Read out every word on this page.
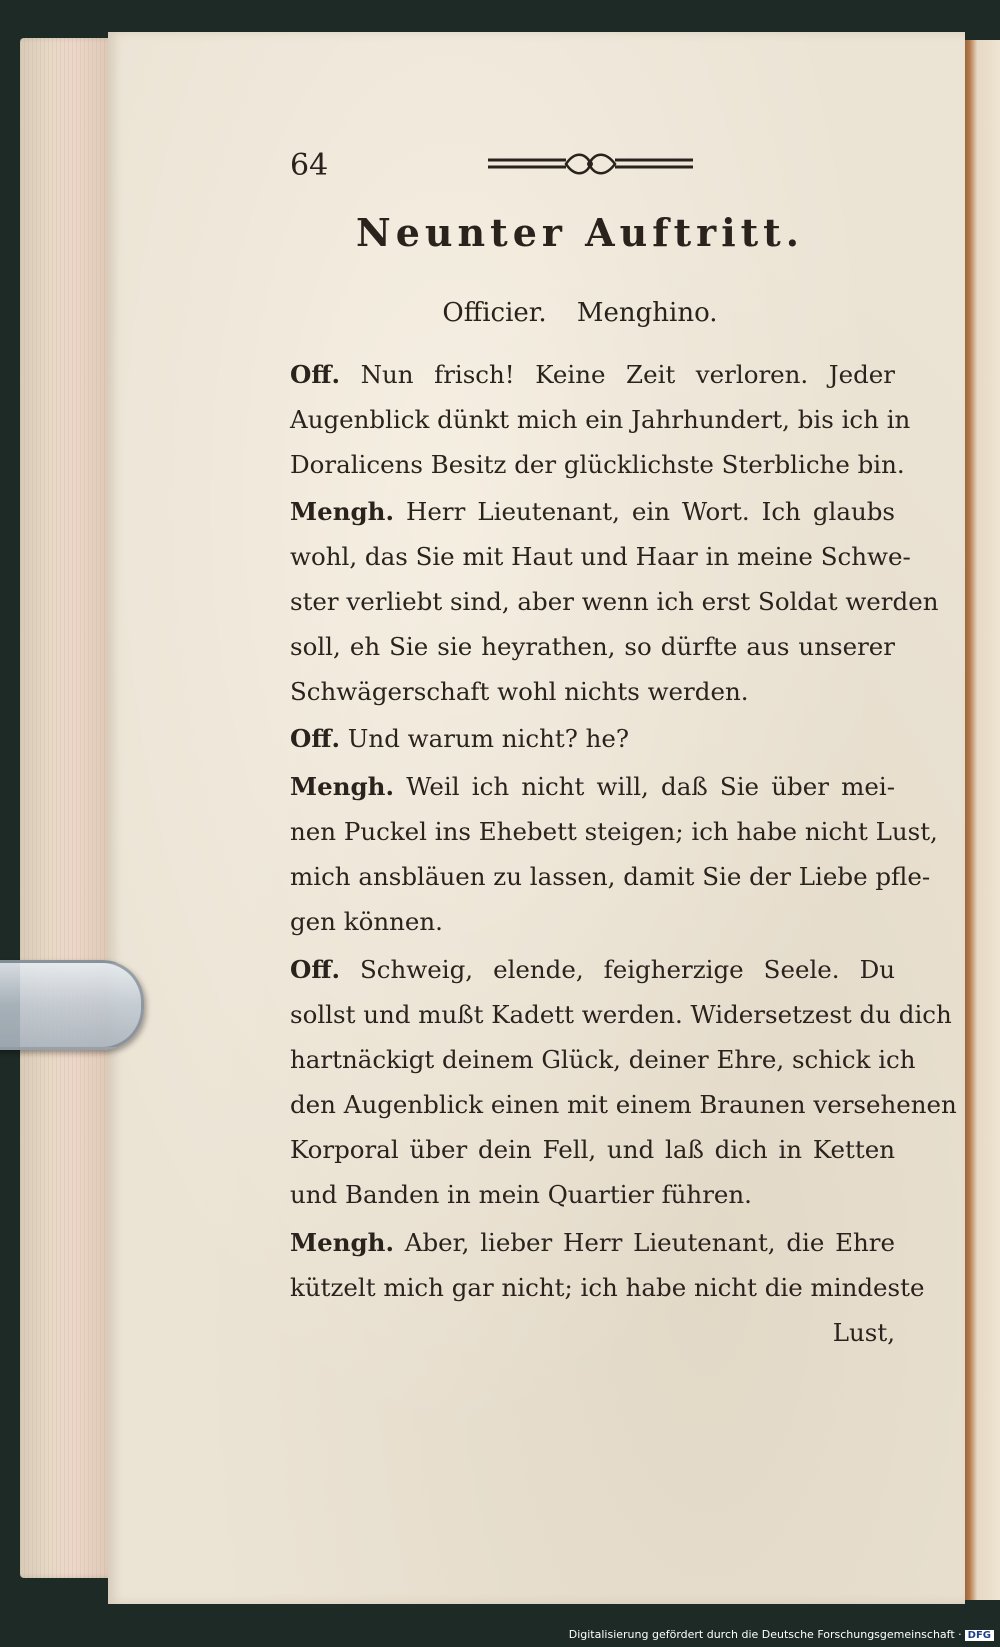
64
Neunter Auftritt.
Officier. Menghino.
Off. Nun frisch! Keine Zeit verloren. Jeder
Augenblick dünkt mich ein Jahrhundert, bis ich in
Doralicens Besitz der glücklichste Sterbliche bin.
Mengh. Herr Lieutenant, ein Wort. Ich glaubs
wohl, das Sie mit Haut und Haar in meine Schwe-
ster verliebt sind, aber wenn ich erst Soldat werden
soll, eh Sie sie heyrathen, so dürfte aus unserer
Schwägerschaft wohl nichts werden.
Off. Und warum nicht? he?
Mengh. Weil ich nicht will, daß Sie über mei-
nen Puckel ins Ehebett steigen; ich habe nicht Lust,
mich ansbläuen zu lassen, damit Sie der Liebe pfle-
gen können.
Off. Schweig, elende, feigherzige Seele. Du
sollst und mußt Kadett werden. Widersetzest du dich
hartnäckigt deinem Glück, deiner Ehre, schick ich
den Augenblick einen mit einem Braunen versehenen
Korporal über dein Fell, und laß dich in Ketten
und Banden in mein Quartier führen.
Mengh. Aber, lieber Herr Lieutenant, die Ehre
kützelt mich gar nicht; ich habe nicht die mindeste
Lust,
Digitalisierung gefördert durch die Deutsche Forschungsgemeinschaft · DFG
